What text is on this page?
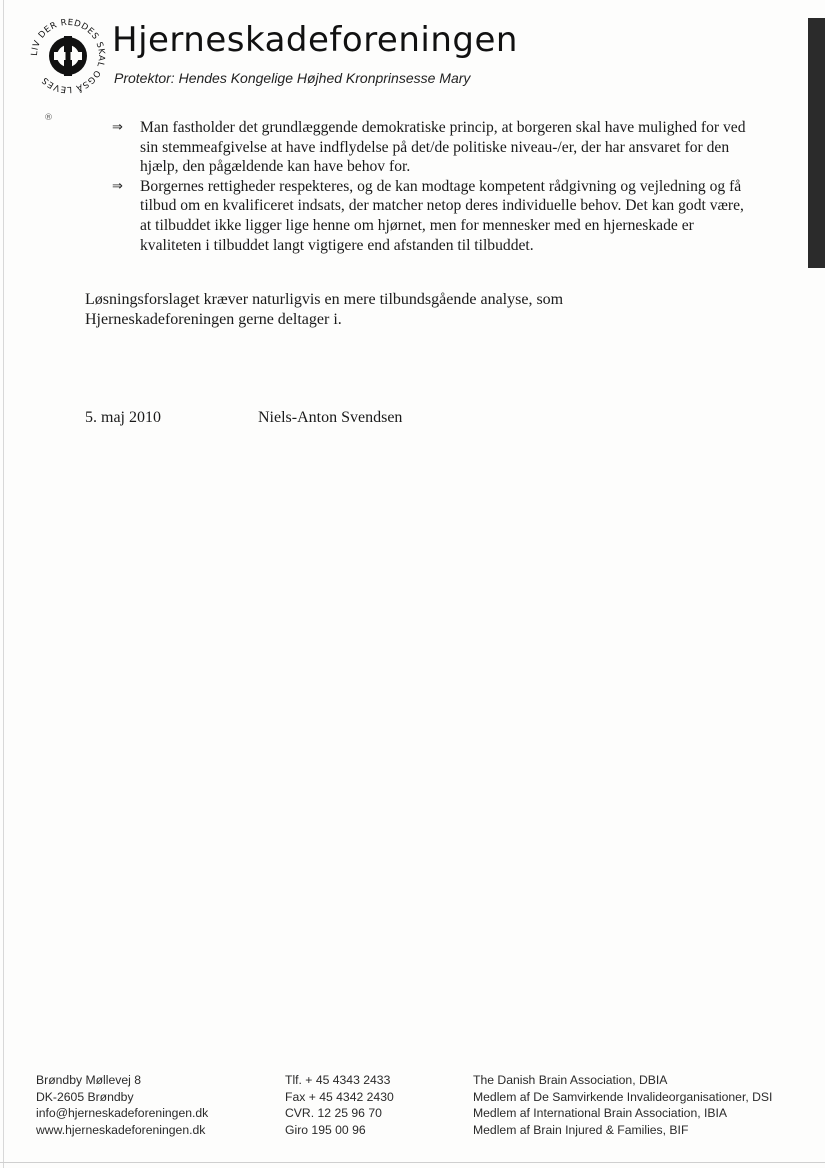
LIV DER REDDES SKAL OGSÅ LEVES
Hjerneskadeforeningen

Protektor: Hendes Kongelige Højhed Kronprinsesse Mary

®
⇒ Man fastholder det grundlæggende demokratiske princip, at borgeren skal have mulighed for ved sin stemmeafgivelse at have indflydelse på det/de politiske niveau-/er, der har ansvaret for den hjælp, den pågældende kan have behov for.
⇒ Borgernes rettigheder respekteres, og de kan modtage kompetent rådgivning og vejledning og få tilbud om en kvalificeret indsats, der matcher netop deres individuelle behov. Det kan godt være, at tilbuddet ikke ligger lige henne om hjørnet, men for mennesker med en hjerneskade er kvaliteten i tilbuddet langt vigtigere end afstanden til tilbuddet.

Løsningsforslaget kræver naturligvis en mere tilbundsgående analyse, som Hjerneskadeforeningen gerne deltager i.

5. maj 2010	Niels-Anton Svendsen

Brøndby Møllevej 8
DK-2605 Brøndby
info@hjerneskadeforeningen.dk
www.hjerneskadeforeningen.dk
Tlf. + 45 4343 2433
Fax + 45 4342 2430
CVR. 12 25 96 70
Giro 195 00 96
The Danish Brain Association, DBIA
Medlem af De Samvirkende Invalideorganisationer, DSI
Medlem af International Brain Association, IBIA
Medlem af Brain Injured & Families, BIF
